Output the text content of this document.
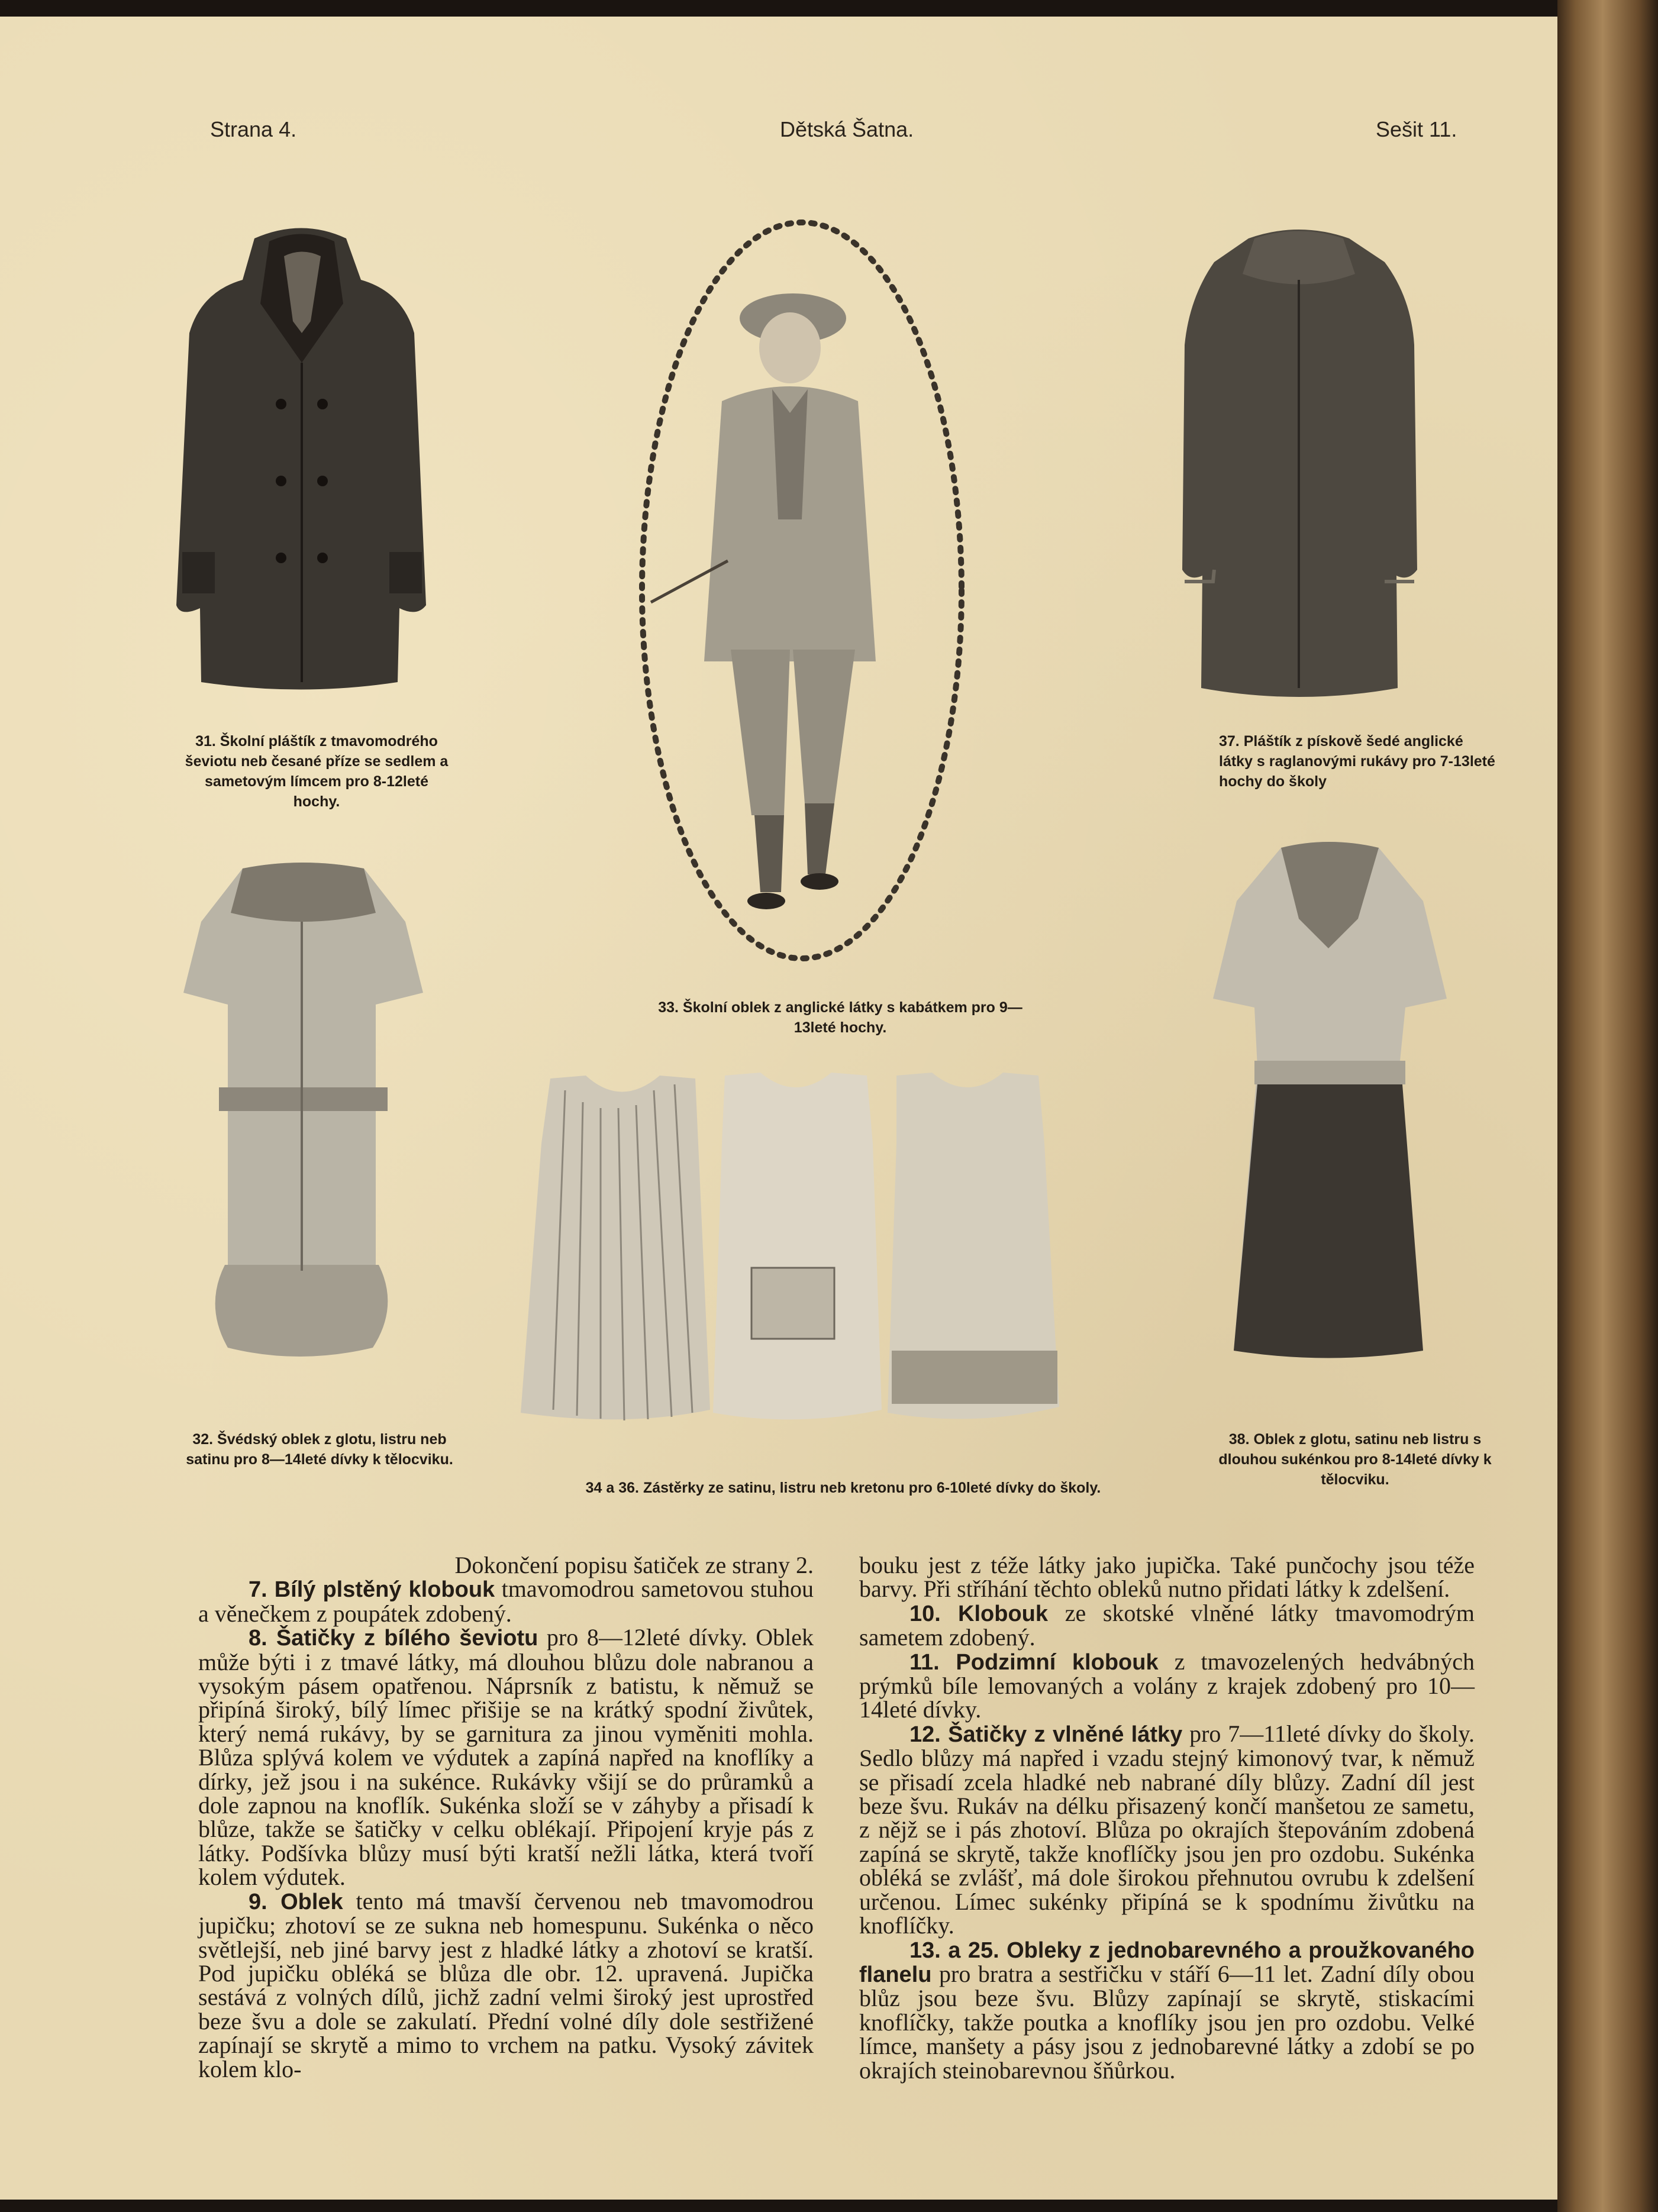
Strana 4.	Dětská Šatna.	Sešit 11.
31. Školní pláštík z tmavomodrého ševiotu neb česané příze se sedlem a sametovým límcem pro 8-12leté hochy.
33. Školní oblek z anglické látky s kabátkem pro 9—13leté hochy.
37. Pláštík z pískově šedé anglické látky s raglanovými rukávy pro 7-13leté hochy do školy
32. Švédský oblek z glotu, listru neb satinu pro 8—14leté dívky k tělocviku.
34 a 36. Zástěrky ze satinu, listru neb kretonu pro 6-10leté dívky do školy.
38. Oblek z glotu, satinu neb listru s dlouhou sukénkou pro 8-14leté dívky k tělocviku.

Dokončení popisu šatiček ze strany 2.

7. Bílý plstěný klobouk tmavomodrou sametovou stuhou a věnečkem z poupátek zdobený.

8. Šatičky z bílého ševiotu pro 8—12leté dívky. Oblek může býti i z tmavé látky, má dlouhou blůzu dole nabranou a vysokým pásem opatřenou. Náprsník z batistu, k němuž se připíná široký, bílý límec přišije se na krátký spodní živůtek, který nemá rukávy, by se garnitura za jinou vyměniti mohla. Blůza splývá kolem ve výdutek a zapíná napřed na knoflíky a dírky, jež jsou i na sukénce. Rukávky všijí se do průramků a dole zapnou na knoflík. Sukénka složí se v záhyby a přisadí k blůze, takže se šatičky v celku oblékají. Připojení kryje pás z látky. Podšívka blůzy musí býti kratší nežli látka, která tvoří kolem výdutek.

9. Oblek tento má tmavší červenou neb tmavomodrou jupičku; zhotoví se ze sukna neb homespunu. Sukénka o něco světlejší, neb jiné barvy jest z hladké látky a zhotoví se kratší. Pod jupičku obléká se blůza dle obr. 12. upravená. Jupička sestává z volných dílů, jichž zadní velmi široký jest uprostřed beze švu a dole se zakulatí. Přední volné díly dole sestřižené zapínají se skrytě a mimo to vrchem na patku. Vysoký závitek kolem klo-

bouku jest z téže látky jako jupička. Také punčochy jsou téže barvy. Při stříhání těchto obleků nutno přidati látky k zdelšení.

10. Klobouk ze skotské vlněné látky tmavomodrým sametem zdobený.

11. Podzimní klobouk z tmavozelených hedvábných prýmků bíle lemovaných a volány z krajek zdobený pro 10—14leté dívky.

12. Šatičky z vlněné látky pro 7—11leté dívky do školy. Sedlo blůzy má napřed i vzadu stejný kimonový tvar, k němuž se přisadí zcela hladké neb nabrané díly blůzy. Zadní díl jest beze švu. Rukáv na délku přisazený končí manšetou ze sametu, z nějž se i pás zhotoví. Blůza po okrajích štepováním zdobená zapíná se skrytě, takže knoflíčky jsou jen pro ozdobu. Sukénka obléká se zvlášť, má dole širokou přehnutou ovrubu k zdelšení určenou. Límec sukénky připíná se k spodnímu živůtku na knoflíčky.

13. a 25. Obleky z jednobarevného a proužkovaného flanelu pro bratra a sestřičku v stáří 6—11 let. Zadní díly obou blůz jsou beze švu. Blůzy zapínají se skrytě, stiskacími knoflíčky, takže poutka a knoflíky jsou jen pro ozdobu. Velké límce, manšety a pásy jsou z jednobarevné látky a zdobí se po okrajích steinobarevnou šňůrkou.
